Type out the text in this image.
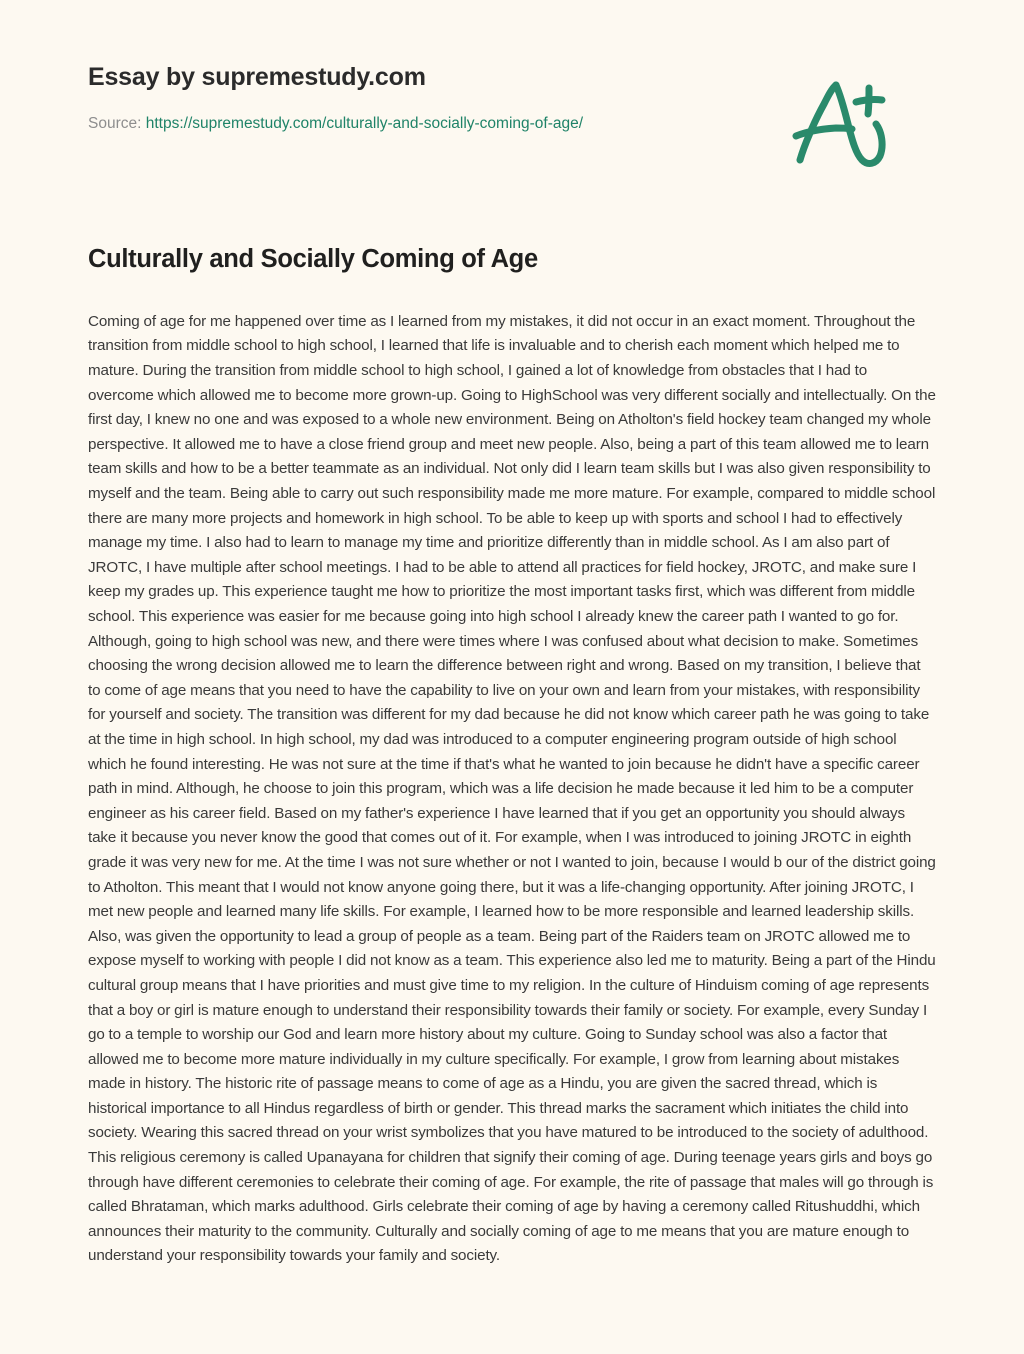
Essay by supremestudy.com
Source: https://supremestudy.com/culturally-and-socially-coming-of-age/
Culturally and Socially Coming of Age

Coming of age for me happened over time as I learned from my mistakes, it did not occur in an exact moment. Throughout the transition from middle school to high school, I learned that life is invaluable and to cherish each moment which helped me to mature. During the transition from middle school to high school, I gained a lot of knowledge from obstacles that I had to overcome which allowed me to become more grown-up. Going to HighSchool was very different socially and intellectually. On the first day, I knew no one and was exposed to a whole new environment. Being on Atholton's field hockey team changed my whole perspective. It allowed me to have a close friend group and meet new people. Also, being a part of this team allowed me to learn team skills and how to be a better teammate as an individual. Not only did I learn team skills but I was also given responsibility to myself and the team. Being able to carry out such responsibility made me more mature. For example, compared to middle school there are many more projects and homework in high school. To be able to keep up with sports and school I had to effectively manage my time. I also had to learn to manage my time and prioritize differently than in middle school. As I am also part of JROTC, I have multiple after school meetings. I had to be able to attend all practices for field hockey, JROTC, and make sure I keep my grades up. This experience taught me how to prioritize the most important tasks first, which was different from middle school. This experience was easier for me because going into high school I already knew the career path I wanted to go for. Although, going to high school was new, and there were times where I was confused about what decision to make. Sometimes choosing the wrong decision allowed me to learn the difference between right and wrong. Based on my transition, I believe that to come of age means that you need to have the capability to live on your own and learn from your mistakes, with responsibility for yourself and society. The transition was different for my dad because he did not know which career path he was going to take at the time in high school. In high school, my dad was introduced to a computer engineering program outside of high school which he found interesting. He was not sure at the time if that's what he wanted to join because he didn't have a specific career path in mind. Although, he choose to join this program, which was a life decision he made because it led him to be a computer engineer as his career field. Based on my father's experience I have learned that if you get an opportunity you should always take it because you never know the good that comes out of it. For example, when I was introduced to joining JROTC in eighth grade it was very new for me. At the time I was not sure whether or not I wanted to join, because I would b our of the district going to Atholton. This meant that I would not know anyone going there, but it was a life-changing opportunity. After joining JROTC, I met new people and learned many life skills. For example, I learned how to be more responsible and learned leadership skills. Also, was given the opportunity to lead a group of people as a team. Being part of the Raiders team on JROTC allowed me to expose myself to working with people I did not know as a team. This experience also led me to maturity. Being a part of the Hindu cultural group means that I have priorities and must give time to my religion. In the culture of Hinduism coming of age represents that a boy or girl is mature enough to understand their responsibility towards their family or society. For example, every Sunday I go to a temple to worship our God and learn more history about my culture. Going to Sunday school was also a factor that allowed me to become more mature individually in my culture specifically. For example, I grow from learning about mistakes made in history. The historic rite of passage means to come of age as a Hindu, you are given the sacred thread, which is historical importance to all Hindus regardless of birth or gender. This thread marks the sacrament which initiates the child into society. Wearing this sacred thread on your wrist symbolizes that you have matured to be introduced to the society of adulthood. This religious ceremony is called Upanayana for children that signify their coming of age. During teenage years girls and boys go through have different ceremonies to celebrate their coming of age. For example, the rite of passage that males will go through is called Bhrataman, which marks adulthood. Girls celebrate their coming of age by having a ceremony called Ritushuddhi, which announces their maturity to the community. Culturally and socially coming of age to me means that you are mature enough to understand your responsibility towards your family and society.
